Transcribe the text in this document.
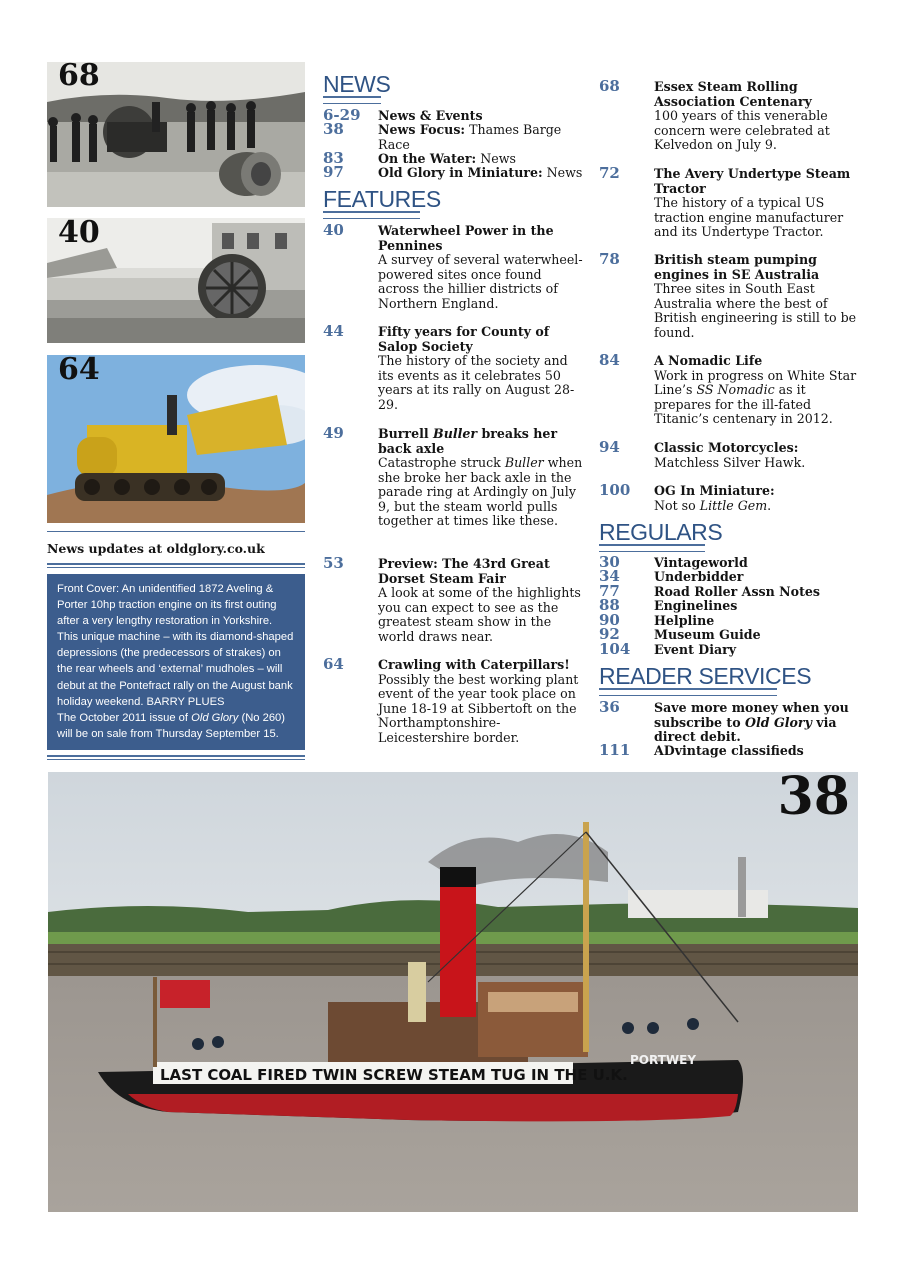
68
40
64
News updates at oldglory.co.uk
Front Cover: An unidentified 1872 Aveling & Porter 10hp traction engine on its first outing after a very lengthy restoration in Yorkshire. This unique machine – with its diamond-shaped depressions (the predecessors of strakes) on the rear wheels and ‘external’ mudholes – will debut at the Pontefract rally on the August bank holiday weekend. BARRY PLUES
The October 2011 issue of Old Glory (No 260) will be on sale from Thursday September 15.
NEWS
6-29 News & Events
38	News Focus: Thames Barge Race
83	On the Water: News
97	Old Glory in Miniature: News
FEATURES
40	Waterwheel Power in the Pennines
A survey of several waterwheel-powered sites once found across the hillier districts of Northern England.
44	Fifty years for County of Salop Society
The history of the society and its events as it celebrates 50 years at its rally on August 28-29.
49	Burrell Buller breaks her back axle
Catastrophe struck Buller when she broke her back axle in the parade ring at Ardingly on July 9, but the steam world pulls together at times like these.
53	Preview: The 43rd Great Dorset Steam Fair
A look at some of the highlights you can expect to see as the greatest steam show in the world draws near.
64	Crawling with Caterpillars!
Possibly the best working plant event of the year took place on June 18-19 at Sibbertoft on the Northamptonshire-Leicestershire border.
68	Essex Steam Rolling Association Centenary
100 years of this venerable concern were celebrated at Kelvedon on July 9.
72	The Avery Undertype Steam Tractor
The history of a typical US traction engine manufacturer and its Undertype Tractor.
78	British steam pumping engines in SE Australia
Three sites in South East Australia where the best of British engineering is still to be found.
84	A Nomadic Life
Work in progress on White Star Line’s SS Nomadic as it prepares for the ill-fated Titanic’s centenary in 2012.
94	Classic Motorcycles:
Matchless Silver Hawk.
100 OG In Miniature:
Not so Little Gem.
REGULARS
30	Vintageworld
34	Underbidder
77	Road Roller Assn Notes
88	Enginelines
90	Helpline
92	Museum Guide
104 Event Diary
READER SERVICES
36	Save more money when you subscribe to Old Glory via direct debit.
111 ADvintage classifieds
LAST COAL FIRED TWIN SCREW STEAM TUG IN THE U.K.
PORTWEY
38
